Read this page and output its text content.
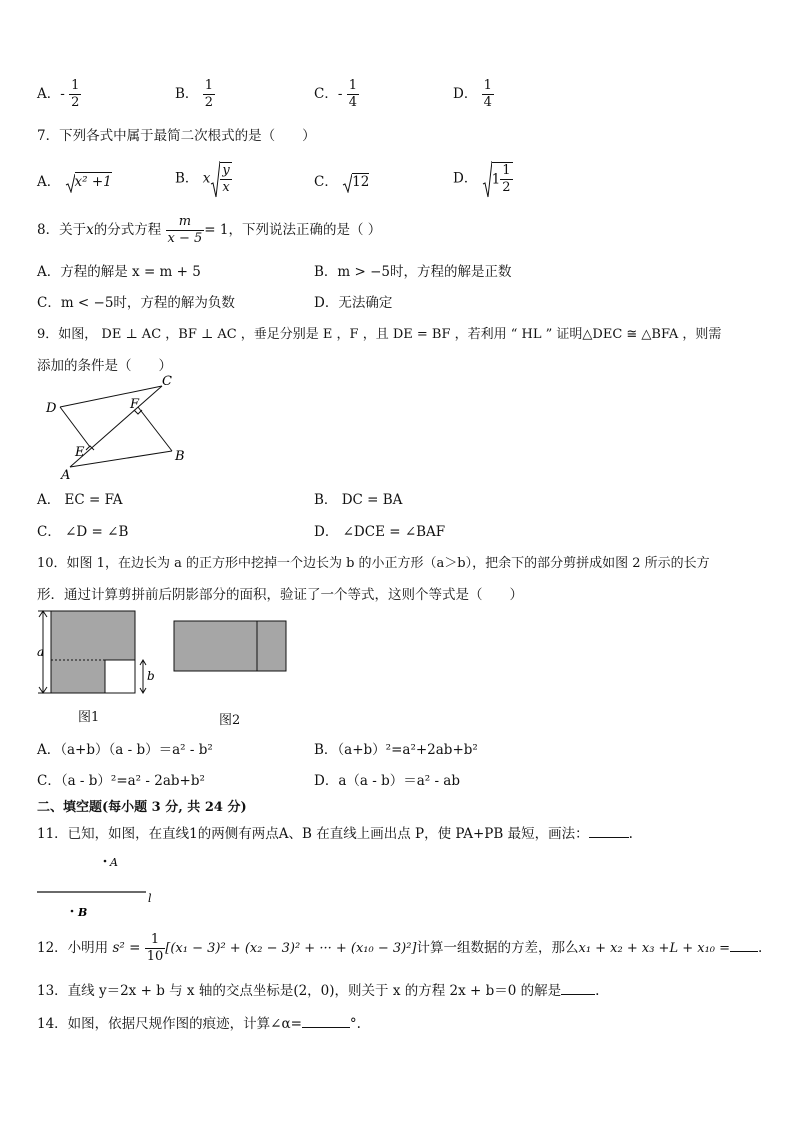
A．- $\frac{1}{2}$	B． $\frac{1}{2}$	C．- $\frac{1}{4}$	D． $\frac{1}{4}$
7．下列各式中属于最简二次根式的是（　　）
A． x² +1	B． x $\frac{y}{x}$	C． 12	D． $1 \frac{1}{2}$
8．关于x的分式方程 $\frac{m}{x - 5} = 1$，下列说法正确的是（ ）
A．方程的解是 x = m + 5	B．m > −5时，方程的解是正数
C．m < −5时，方程的解为负数	D．无法确定
9．如图， DE ⊥ AC ，BF ⊥ AC ，垂足分别是 E ，F ，且 DE = BF ，若利用 “ HL ” 证明△DEC ≅ △BFA ，则需
添加的条件是（　　）
D
C
F
E	B
A
A． EC = FA	B． DC = BA
C． ∠D = ∠B	D． ∠DCE = ∠BAF
10．如图 1，在边长为 a 的正方形中挖掉一个边长为 b 的小正方形（a＞b），把余下的部分剪拼成如图 2 所示的长方
形．通过计算剪拼前后阴影部分的面积，验证了一个等式，这则个等式是（　　）
a
b
图1	图2
A．（a+b）（a - b）＝a² - b²	B．（a+b）²=a²+2ab+b²
C．（a - b）²=a² - 2ab+b²	D．a（a - b）＝a² - ab
二、填空题(每小题 3 分, 共 24 分)
11．已知，如图，在直线1的两侧有两点A、B 在直线上画出点 P，使 PA+PB 最短，画法：	.
A
l
B
12．小明用 $s^2 = \frac{1}{10} [(x_1 - 3)^2 + (x_2 - 3)^2$ + ··· + (x₁₀ − 3)²]计算一组数据的方差，那么x₁ + x₂ + x₃ +L + x₁₀ = .
13．直线 y＝2x + b 与 x 轴的交点坐标是(2，0)，则关于 x 的方程 2x + b＝0 的解是	.
14．如图，依据尺规作图的痕迹，计算∠α=	°.
